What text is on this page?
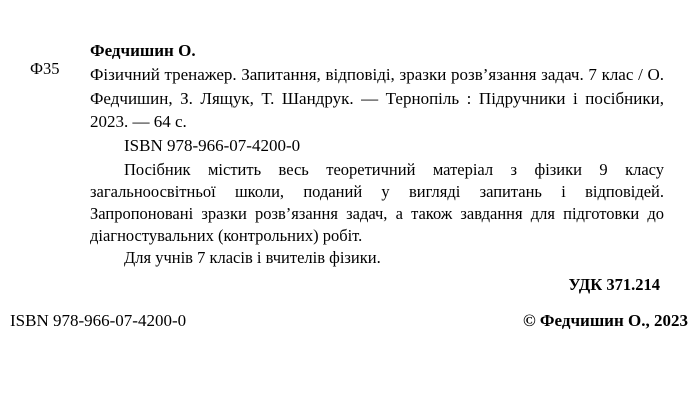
Ф35

Федчишин О.

Фізичний тренажер. Запитання, відповіді, зразки розв’язання задач. 7 клас / О. Федчишин, З. Лящук, Т. Шандрук. — Тернопіль : Підручники і посібники, 2023. — 64 с.

ISBN 978-966-07-4200-0

Посібник містить весь теоретичний матеріал з фізики 9 класу загальноосвітньої школи, поданий у вигляді запитань і відповідей. Запропоновані зразки розв’язання задач, а також завдання для підготовки до діагностувальних (контрольних) робіт.

Для учнів 7 класів і вчителів фізики.

УДК 371.214

ISBN 978-966-07-4200-0	© Федчишин О., 2023
